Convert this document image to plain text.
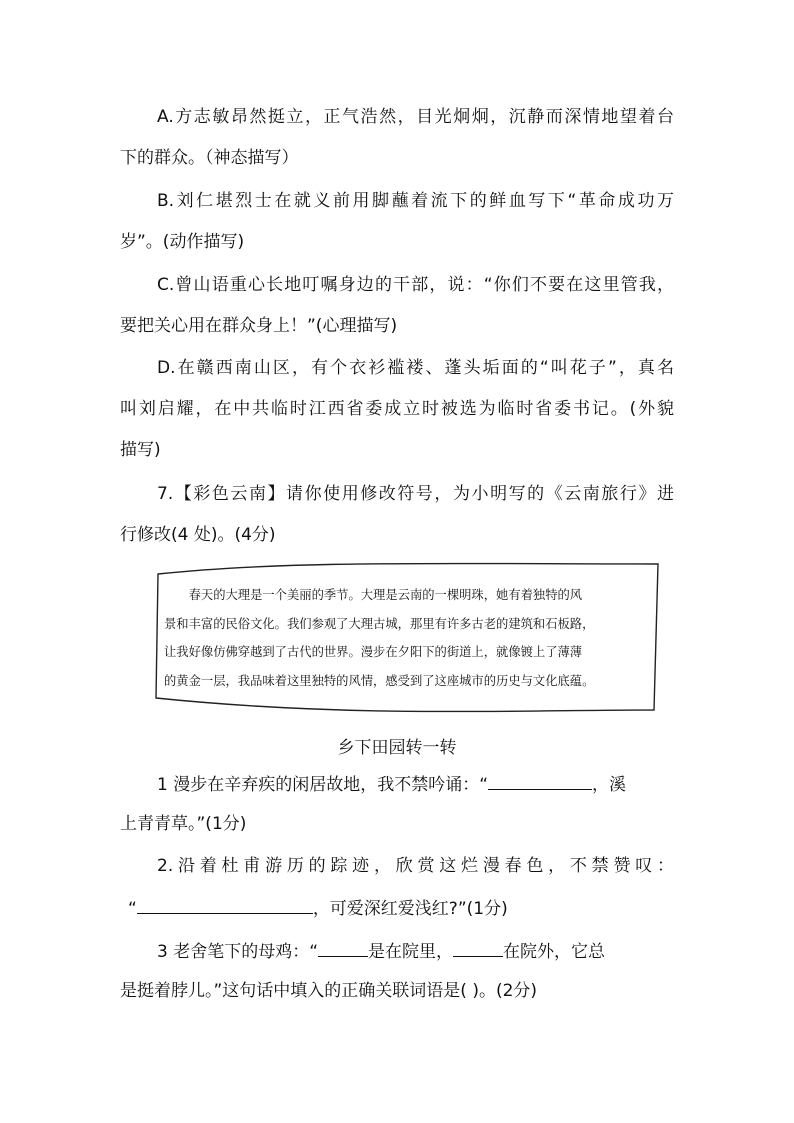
A.方志敏昂然挺立，正气浩然，目光炯炯，沉静而深情地望着台
下的群众。（神态描写）
B.刘仁堪烈士在就义前用脚蘸着流下的鲜血写下“革命成功万
岁”。(动作描写)
C.曾山语重心长地叮嘱身边的干部，说：“你们不要在这里管我，
要把关心用在群众身上！”(心理描写)
D.在赣西南山区，有个衣衫褴褛、蓬头垢面的“叫花子”，真名
叫刘启耀，在中共临时江西省委成立时被选为临时省委书记。(外貌
描写)
7.【彩色云南】请你使用修改符号，为小明写的《云南旅行》进
行修改(4 处)。(4分)

春天的大理是一个美丽的季节。大理是云南的一棵明珠，她有着独特的风

景和丰富的民俗文化。我们参观了大理古城，那里有许多古老的建筑和石板路，

让我好像仿佛穿越到了古代的世界。漫步在夕阳下的街道上，就像镀上了薄薄

的黄金一层，我品味着这里独特的风情，感受到了这座城市的历史与文化底蕴。

乡下田园转一转
1 漫步在辛弃疾的闲居故地，我不禁吟诵：“	，溪
上青青草。”(1分)
2.沿着杜甫游历的踪迹，欣赏这烂漫春色，不禁赞叹：
“	，可爱深红爱浅红?”(1分)
3 老舍笔下的母鸡：“	是在院里，	在院外，它总
是挺着脖儿。”这句话中填入的正确关联词语是( )。(2分)
